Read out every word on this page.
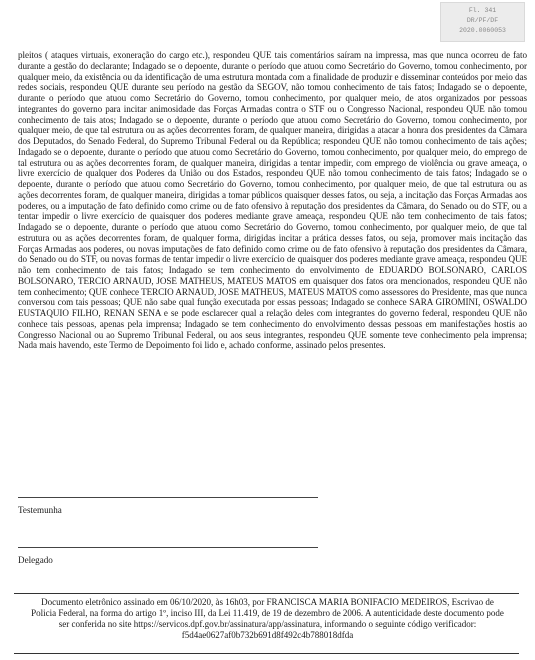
Fl. 341
DR/PF/DF
2020.0060053
pleitos ( ataques virtuais, exoneração do cargo etc.), respondeu QUE tais comentários saíram na impressa, mas que nunca ocorreu de fato durante a gestão do declarante; Indagado se o depoente, durante o período que atuou como Secretário do Governo, tomou conhecimento, por qualquer meio, da existência ou da identificação de uma estrutura montada com a finalidade de produzir e disseminar conteúdos por meio das redes sociais, respondeu QUE durante seu período na gestão da SEGOV, não tomou conhecimento de tais fatos; Indagado se o depoente, durante o período que atuou como Secretário do Governo, tomou conhecimento, por qualquer meio, de atos organizados por pessoas integrantes do governo para incitar animosidade das Forças Armadas contra o STF ou o Congresso Nacional, respondeu QUE não tomou conhecimento de tais atos; Indagado se o depoente, durante o período que atuou como Secretário do Governo, tomou conhecimento, por qualquer meio, de que tal estrutura ou as ações decorrentes foram, de qualquer maneira, dirigidas a atacar a honra dos presidentes da Câmara dos Deputados, do Senado Federal, do Supremo Tribunal Federal ou da República; respondeu QUE não tomou conhecimento de tais ações; Indagado se o depoente, durante o período que atuou como Secretário do Governo, tomou conhecimento, por qualquer meio, do emprego de tal estrutura ou as ações decorrentes foram, de qualquer maneira, dirigidas a tentar impedir, com emprego de violência ou grave ameaça, o livre exercício de qualquer dos Poderes da União ou dos Estados, respondeu QUE não tomou conhecimento de tais fatos; Indagado se o depoente, durante o período que atuou como Secretário do Governo, tomou conhecimento, por qualquer meio, de que tal estrutura ou as ações decorrentes foram, de qualquer maneira, dirigidas a tomar públicos quaisquer desses fatos, ou seja, a incitação das Forças Armadas aos poderes, ou a imputação de fato definido como crime ou de fato ofensivo à reputação dos presidentes da Câmara, do Senado ou do STF, ou a tentar impedir o livre exercício de quaisquer dos poderes mediante grave ameaça, respondeu QUE não tem conhecimento de tais fatos; Indagado se o depoente, durante o período que atuou como Secretário do Governo, tomou conhecimento, por qualquer meio, de que tal estrutura ou as ações decorrentes foram, de qualquer forma, dirigidas incitar a prática desses fatos, ou seja, promover mais incitação das Forças Armadas aos poderes, ou novas imputações de fato definido como crime ou de fato ofensivo à reputação dos presidentes da Câmara, do Senado ou do STF, ou novas formas de tentar impedir o livre exercício de quaisquer dos poderes mediante grave ameaça, respondeu QUE não tem conhecimento de tais fatos; Indagado se tem conhecimento do envolvimento de EDUARDO BOLSONARO, CARLOS BOLSONARO, TERCIO ARNAUD, JOSE MATHEUS, MATEUS MATOS em quaisquer dos fatos ora mencionados, respondeu QUE não tem conhecimento; QUE conhece TERCIO ARNAUD, JOSE MATHEUS, MATEUS MATOS como assessores do Presidente, mas que nunca conversou com tais pessoas; QUE não sabe qual função executada por essas pessoas; Indagado se conhece SARA GIROMINI, OSWALDO EUSTAQUIO FILHO, RENAN SENA e se pode esclarecer qual a relação deles com integrantes do governo federal, respondeu QUE não conhece tais pessoas, apenas pela imprensa; Indagado se tem conhecimento do envolvimento dessas pessoas em manifestações hostis ao Congresso Nacional ou ao Supremo Tribunal Federal, ou aos seus integrantes, respondeu QUE somente teve conhecimento pela imprensa; Nada mais havendo, este Termo de Depoimento foi lido e, achado conforme, assinado pelos presentes.
Testemunha
Delegado
Documento eletrônico assinado em 06/10/2020, às 16h03, por FRANCISCA MARIA BONIFACIO MEDEIROS, Escrivao de Policia Federal, na forma do artigo 1º, inciso III, da Lei 11.419, de 19 de dezembro de 2006. A autenticidade deste documento pode ser conferida no site https://servicos.dpf.gov.br/assinatura/app/assinatura, informando o seguinte código verificador: f5d4ae0627af0b732b691d8f492c4b788018dfda
